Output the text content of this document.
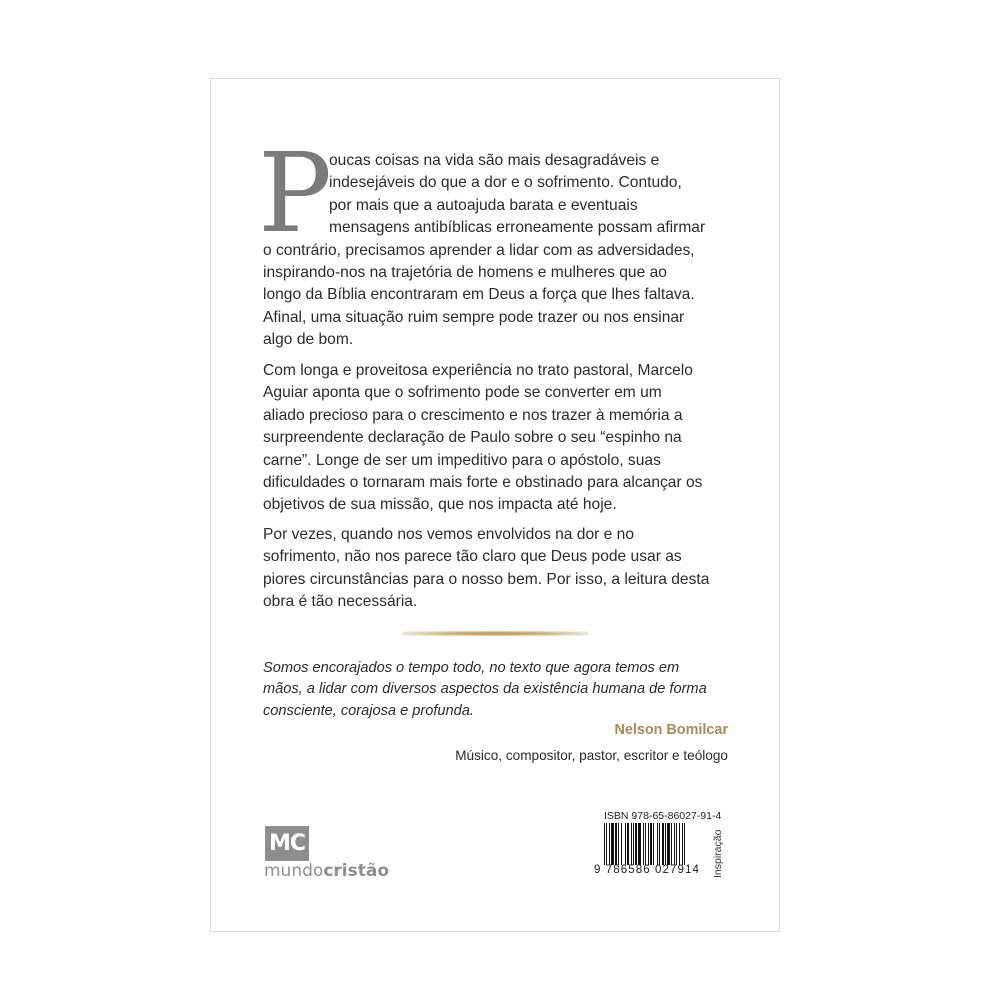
P

oucas coisas na vida são mais desagradáveis e
indesejáveis do que a dor e o sofrimento. Contudo,
por mais que a autoajuda barata e eventuais
mensagens antibíblicas erroneamente possam afirmar
o contrário, precisamos aprender a lidar com as adversidades,
inspirando-nos na trajetória de homens e mulheres que ao
longo da Bíblia encontraram em Deus a força que lhes faltava.
Afinal, uma situação ruim sempre pode trazer ou nos ensinar
algo de bom.

Com longa e proveitosa experiência no trato pastoral, Marcelo
Aguiar aponta que o sofrimento pode se converter em um
aliado precioso para o crescimento e nos trazer à memória a
surpreendente declaração de Paulo sobre o seu “espinho na
carne”. Longe de ser um impeditivo para o apóstolo, suas
dificuldades o tornaram mais forte e obstinado para alcançar os
objetivos de sua missão, que nos impacta até hoje.

Por vezes, quando nos vemos envolvidos na dor e no
sofrimento, não nos parece tão claro que Deus pode usar as
piores circunstâncias para o nosso bem. Por isso, a leitura desta
obra é tão necessária.

Somos encorajados o tempo todo, no texto que agora temos em
mãos, a lidar com diversos aspectos da existência humana de forma
consciente, corajosa e profunda.

Nelson Bomilcar

Músico, compositor, pastor, escritor e teólogo

MC

mundocristão

ISBN 978-65-86027-91-4

9 786586 027914 Inspiração
